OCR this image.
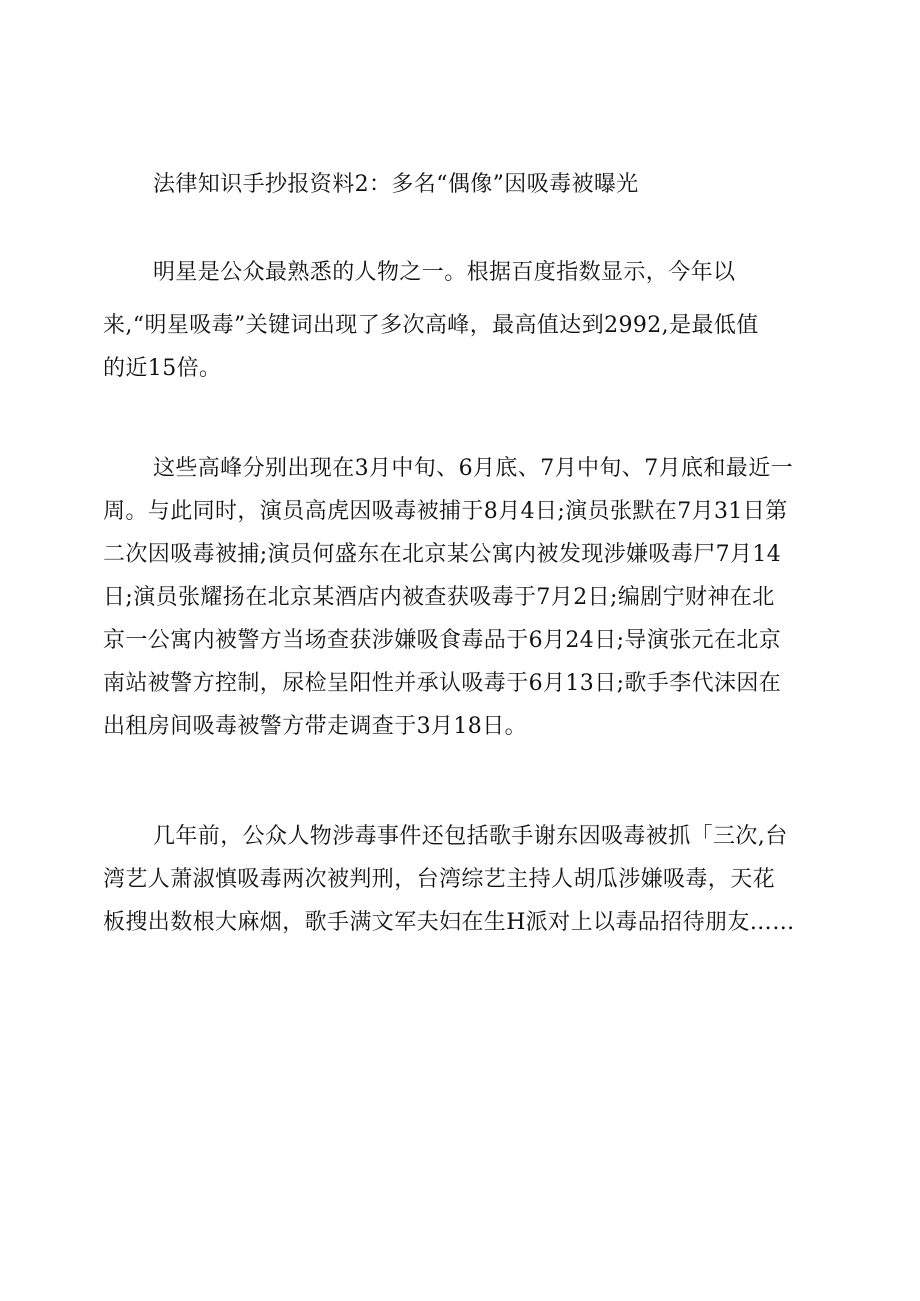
法律知识手抄报资料2：多名“偶像”因吸毒被曝光
明星是公众最熟悉的人物之一。根据百度指数显示，今年以
来,“明星吸毒”关键词出现了多次高峰，最高值达到2992,是最低值
的近15倍。
这些高峰分别出现在3月中旬、6月底、7月中旬、7月底和最近一
周。与此同时，演员高虎因吸毒被捕于8月4日;演员张默在7月31日第
二次因吸毒被捕;演员何盛东在北京某公寓内被发现涉嫌吸毒尸7月14
日;演员张耀扬在北京某酒店内被查获吸毒于7月2日;编剧宁财神在北
京一公寓内被警方当场查获涉嫌吸食毒品于6月24日;导演张元在北京
南站被警方控制，尿检呈阳性并承认吸毒于6月13日;歌手李代沫因在
出租房间吸毒被警方带走调查于3月18日。
几年前，公众人物涉毒事件还包括歌手谢东因吸毒被抓「三次,台
湾艺人萧淑慎吸毒两次被判刑，台湾综艺主持人胡瓜涉嫌吸毒，天花
板搜出数根大麻烟，歌手满文军夫妇在生H派对上以毒品招待朋友……
